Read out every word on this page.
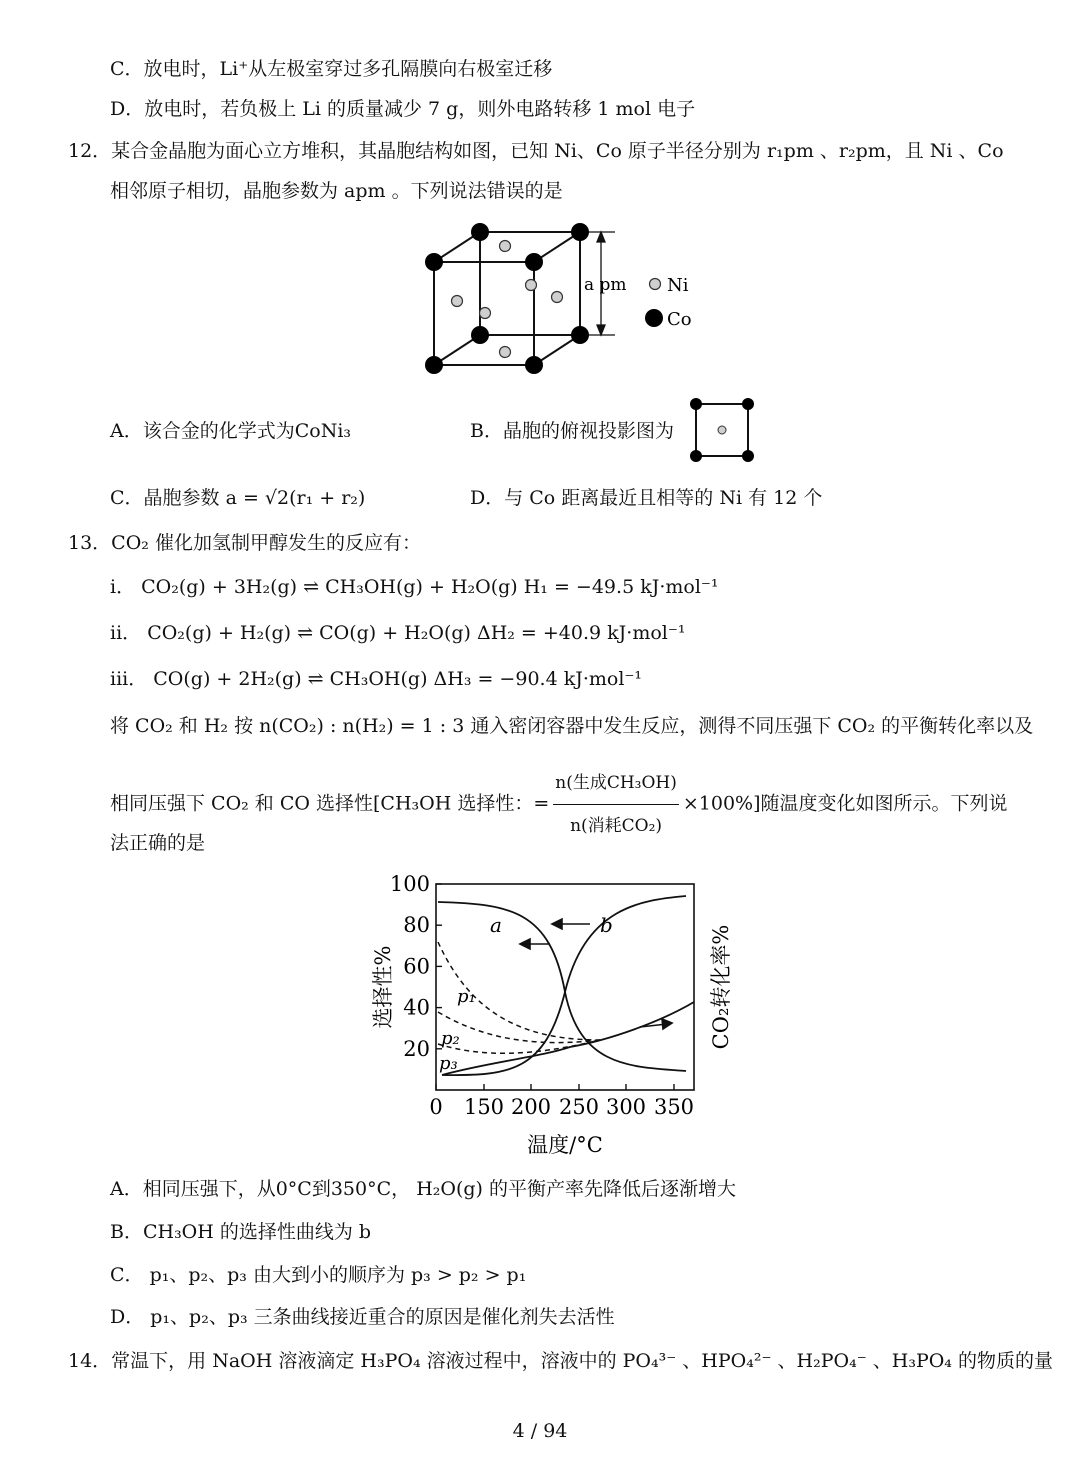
C．放电时，Li⁺从左极室穿过多孔隔膜向右极室迁移
D．放电时，若负极上 Li 的质量减少 7 g，则外电路转移 1 mol 电子
12．某合金晶胞为面心立方堆积，其晶胞结构如图，已知 Ni、Co 原子半径分别为 r₁pm 、r₂pm，且 Ni 、Co
相邻原子相切，晶胞参数为 apm 。下列说法错误的是
a pm Ni
Co
A．该合金的化学式为CoNi₃	B．晶胞的俯视投影图为
C．晶胞参数 a = √2(r₁ + r₂)	D．与 Co 距离最近且相等的 Ni 有 12 个
13．CO₂ 催化加氢制甲醇发生的反应有：
i． CO₂(g) + 3H₂(g) ⇌ CH₃OH(g) + H₂O(g) H₁ = −49.5 kJ·mol⁻¹
ii． CO₂(g) + H₂(g) ⇌ CO(g) + H₂O(g) ΔH₂ = +40.9 kJ·mol⁻¹
iii． CO(g) + 2H₂(g) ⇌ CH₃OH(g) ΔH₃ = −90.4 kJ·mol⁻¹
将 CO₂ 和 H₂ 按 n(CO₂) : n(H₂) = 1 : 3 通入密闭容器中发生反应，测得不同压强下 CO₂ 的平衡转化率以及
相同压强下 CO₂ 和 CO 选择性[CH₃OH 选择性：= $\frac{\text{n(生成CH₃OH)}}{\text{n(消耗CO₂)}} \times 100\%$]随温度变化如图所示。下列说
法正确的是
20
40
60
80
100
0 150 200 250 300 350
a	b
p₁
p₂
p₃
温度/°C
选择性%	CO₂转化率%
A．相同压强下，从0°C到350°C， H₂O(g) 的平衡产率先降低后逐渐增大
B．CH₃OH 的选择性曲线为 b
C． p₁、p₂、p₃ 由大到小的顺序为 p₃ > p₂ > p₁
D． p₁、p₂、p₃ 三条曲线接近重合的原因是催化剂失去活性
14．常温下，用 NaOH 溶液滴定 H₃PO₄ 溶液过程中，溶液中的 PO₄³⁻ 、HPO₄²⁻ 、H₂PO₄⁻ 、H₃PO₄ 的物质的量
4 / 94
